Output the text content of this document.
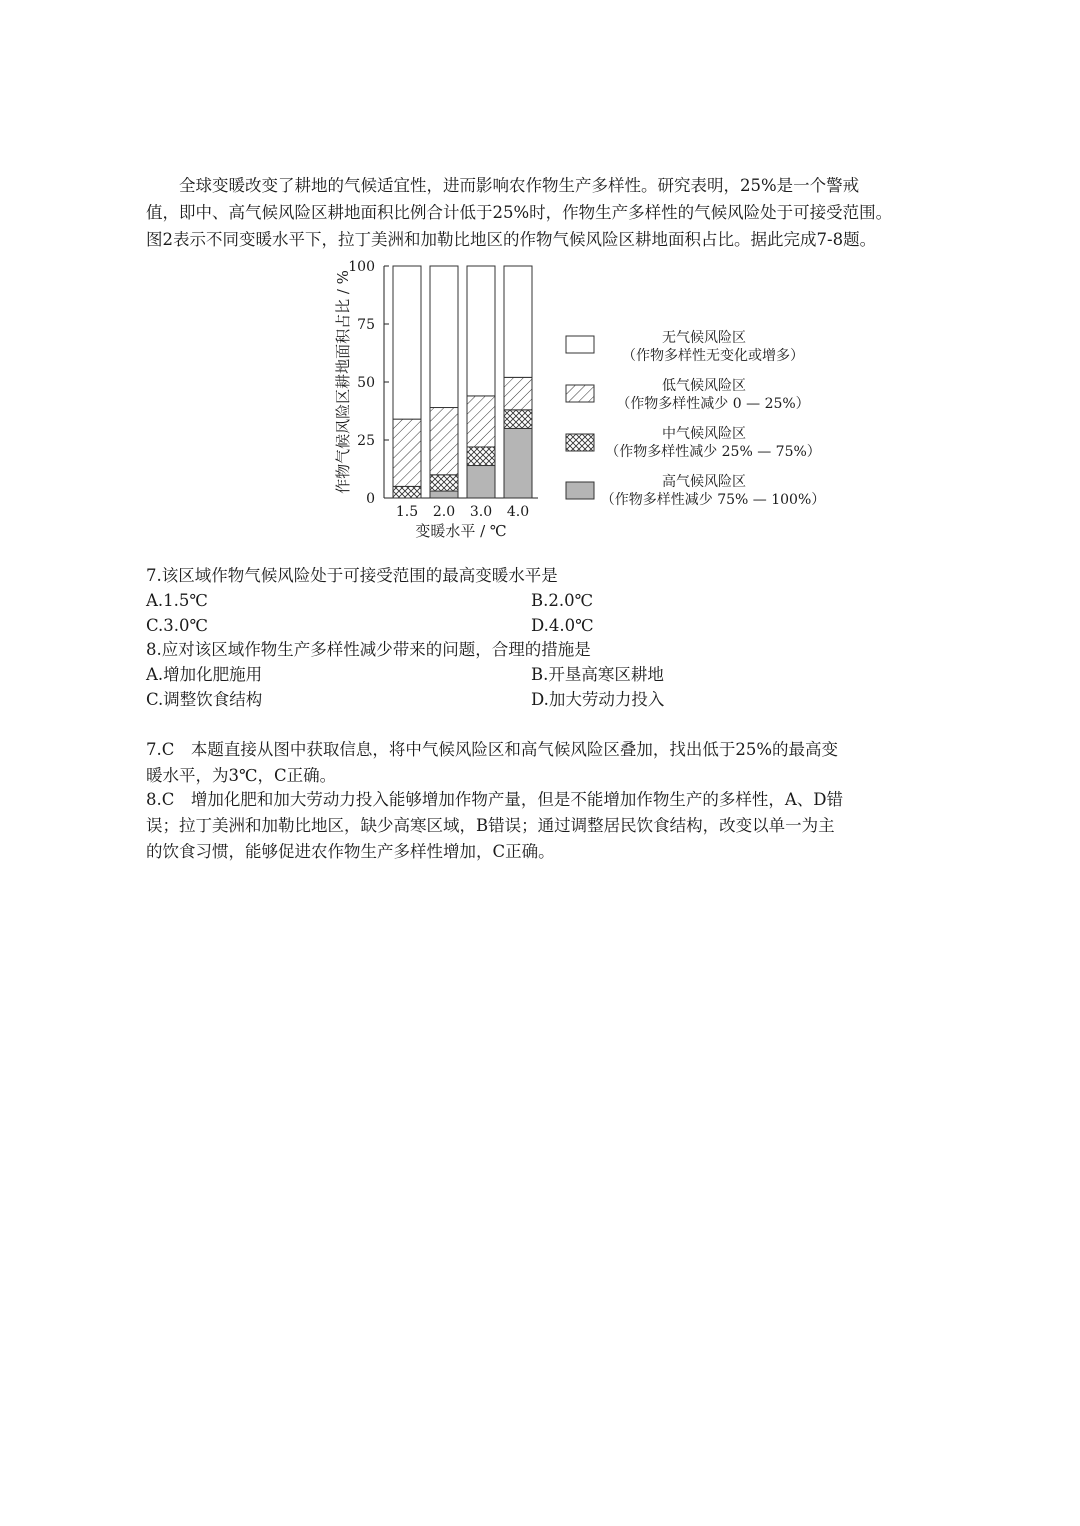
全球变暖改变了耕地的气候适宜性，进而影响农作物生产多样性。研究表明，25%是一个警戒
值，即中、高气候风险区耕地面积比例合计低于25%时，作物生产多样性的气候风险处于可接受范围。
图2表示不同变暖水平下，拉丁美洲和加勒比地区的作物气候风险区耕地面积占比。据此完成7-8题。
作物气候风险区耕地面积占比 / %
0
25
50
75
100
1.5 2.0 3.0 4.0
变暖水平 / ℃
无气候风险区
（作物多样性无变化或增多）
低气候风险区
（作物多样性减少 0 — 25%）
中气候风险区
（作物多样性减少 25% — 75%）
高气候风险区
（作物多样性减少 75% — 100%）
7.该区域作物气候风险处于可接受范围的最高变暖水平是
A.1.5℃	B.2.0℃
C.3.0℃	D.4.0℃
8.应对该区域作物生产多样性减少带来的问题，合理的措施是
A.增加化肥施用	B.开垦高寒区耕地
C.调整饮食结构	D.加大劳动力投入
7.C　本题直接从图中获取信息，将中气候风险区和高气候风险区叠加，找出低于25%的最高变
暖水平，为3℃，C正确。
8.C　增加化肥和加大劳动力投入能够增加作物产量，但是不能增加作物生产的多样性，A、D错
误；拉丁美洲和加勒比地区，缺少高寒区域，B错误；通过调整居民饮食结构，改变以单一为主
的饮食习惯，能够促进农作物生产多样性增加，C正确。
